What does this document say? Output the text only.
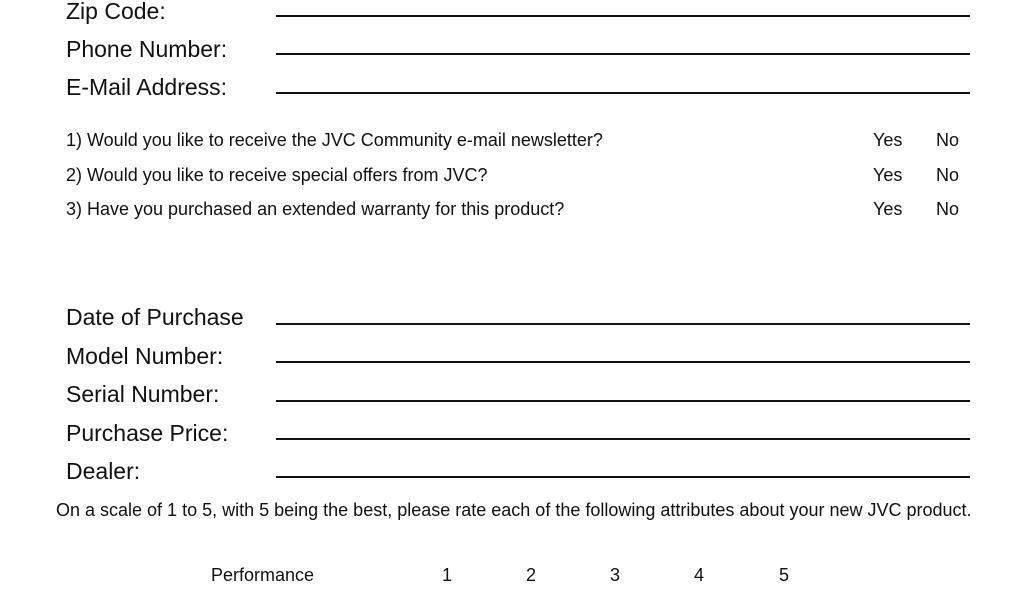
Zip Code:
Phone Number:
E-Mail Address:
1) Would you like to receive the JVC Community e-mail newsletter?	Yes No
2) Would you like to receive special offers from JVC?	Yes No
3) Have you purchased an extended warranty for this product?	Yes No
Date of Purchase
Model Number:
Serial Number:
Purchase Price:
Dealer:
On a scale of 1 to 5, with 5 being the best, please rate each of the following attributes about your new JVC product.
Performance	1	2	3	4	5
